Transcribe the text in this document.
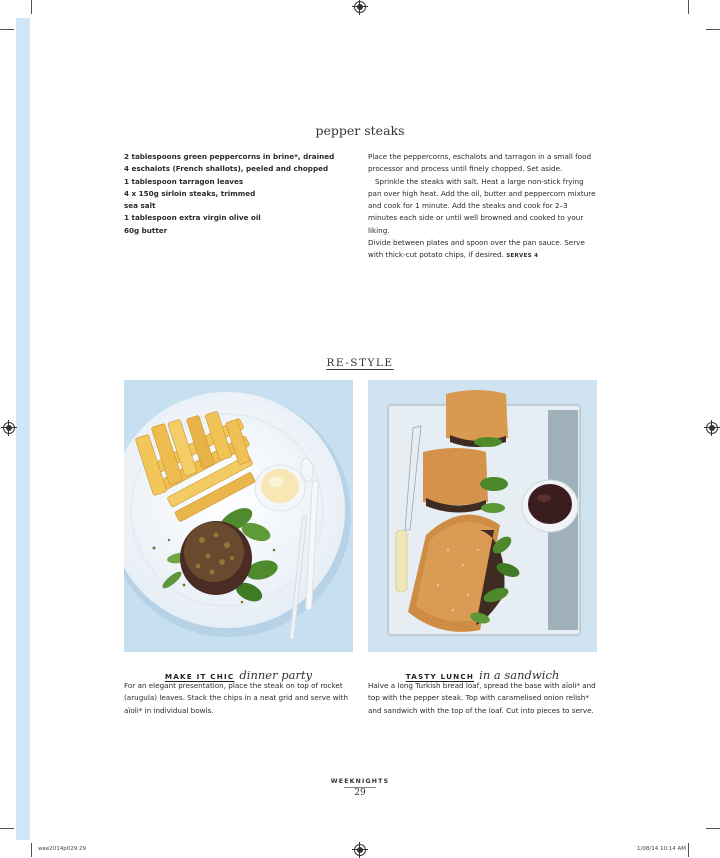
pepper steaks
2 tablespoons green peppercorns in brine*, drained
4 eschalots (French shallots), peeled and chopped
1 tablespoon tarragon leaves
4 x 150g sirloin steaks, trimmed
sea salt
1 tablespoon extra virgin olive oil
60g butter

Place the peppercorns, eschalots and tarragon in a small food processor and process until finely chopped. Set aside.

Sprinkle the steaks with salt. Heat a large non-stick frying pan over high heat. Add the oil, butter and peppercorn mixture and cook for 1 minute. Add the steaks and cook for 2–3 minutes each side or until well browned and cooked to your liking.

Divide between plates and spoon over the pan sauce. Serve with thick-cut potato chips, if desired. SERVES 4

RE-STYLE
MAKE IT CHIC dinner party
For an elegant presentation, place the steak on top of rocket (arugula) leaves. Stack the chips in a neat grid and serve with aïoli* in individual bowls.
TASTY LUNCH in a sandwich
Halve a long Turkish bread loaf, spread the base with aïoli* and top with the pepper steak. Top with caramelised onion relish* and sandwich with the top of the loaf. Cut into pieces to serve.
WEEKNIGHTS
29
wee2014p029 29	1/08/14 10:14 AM
